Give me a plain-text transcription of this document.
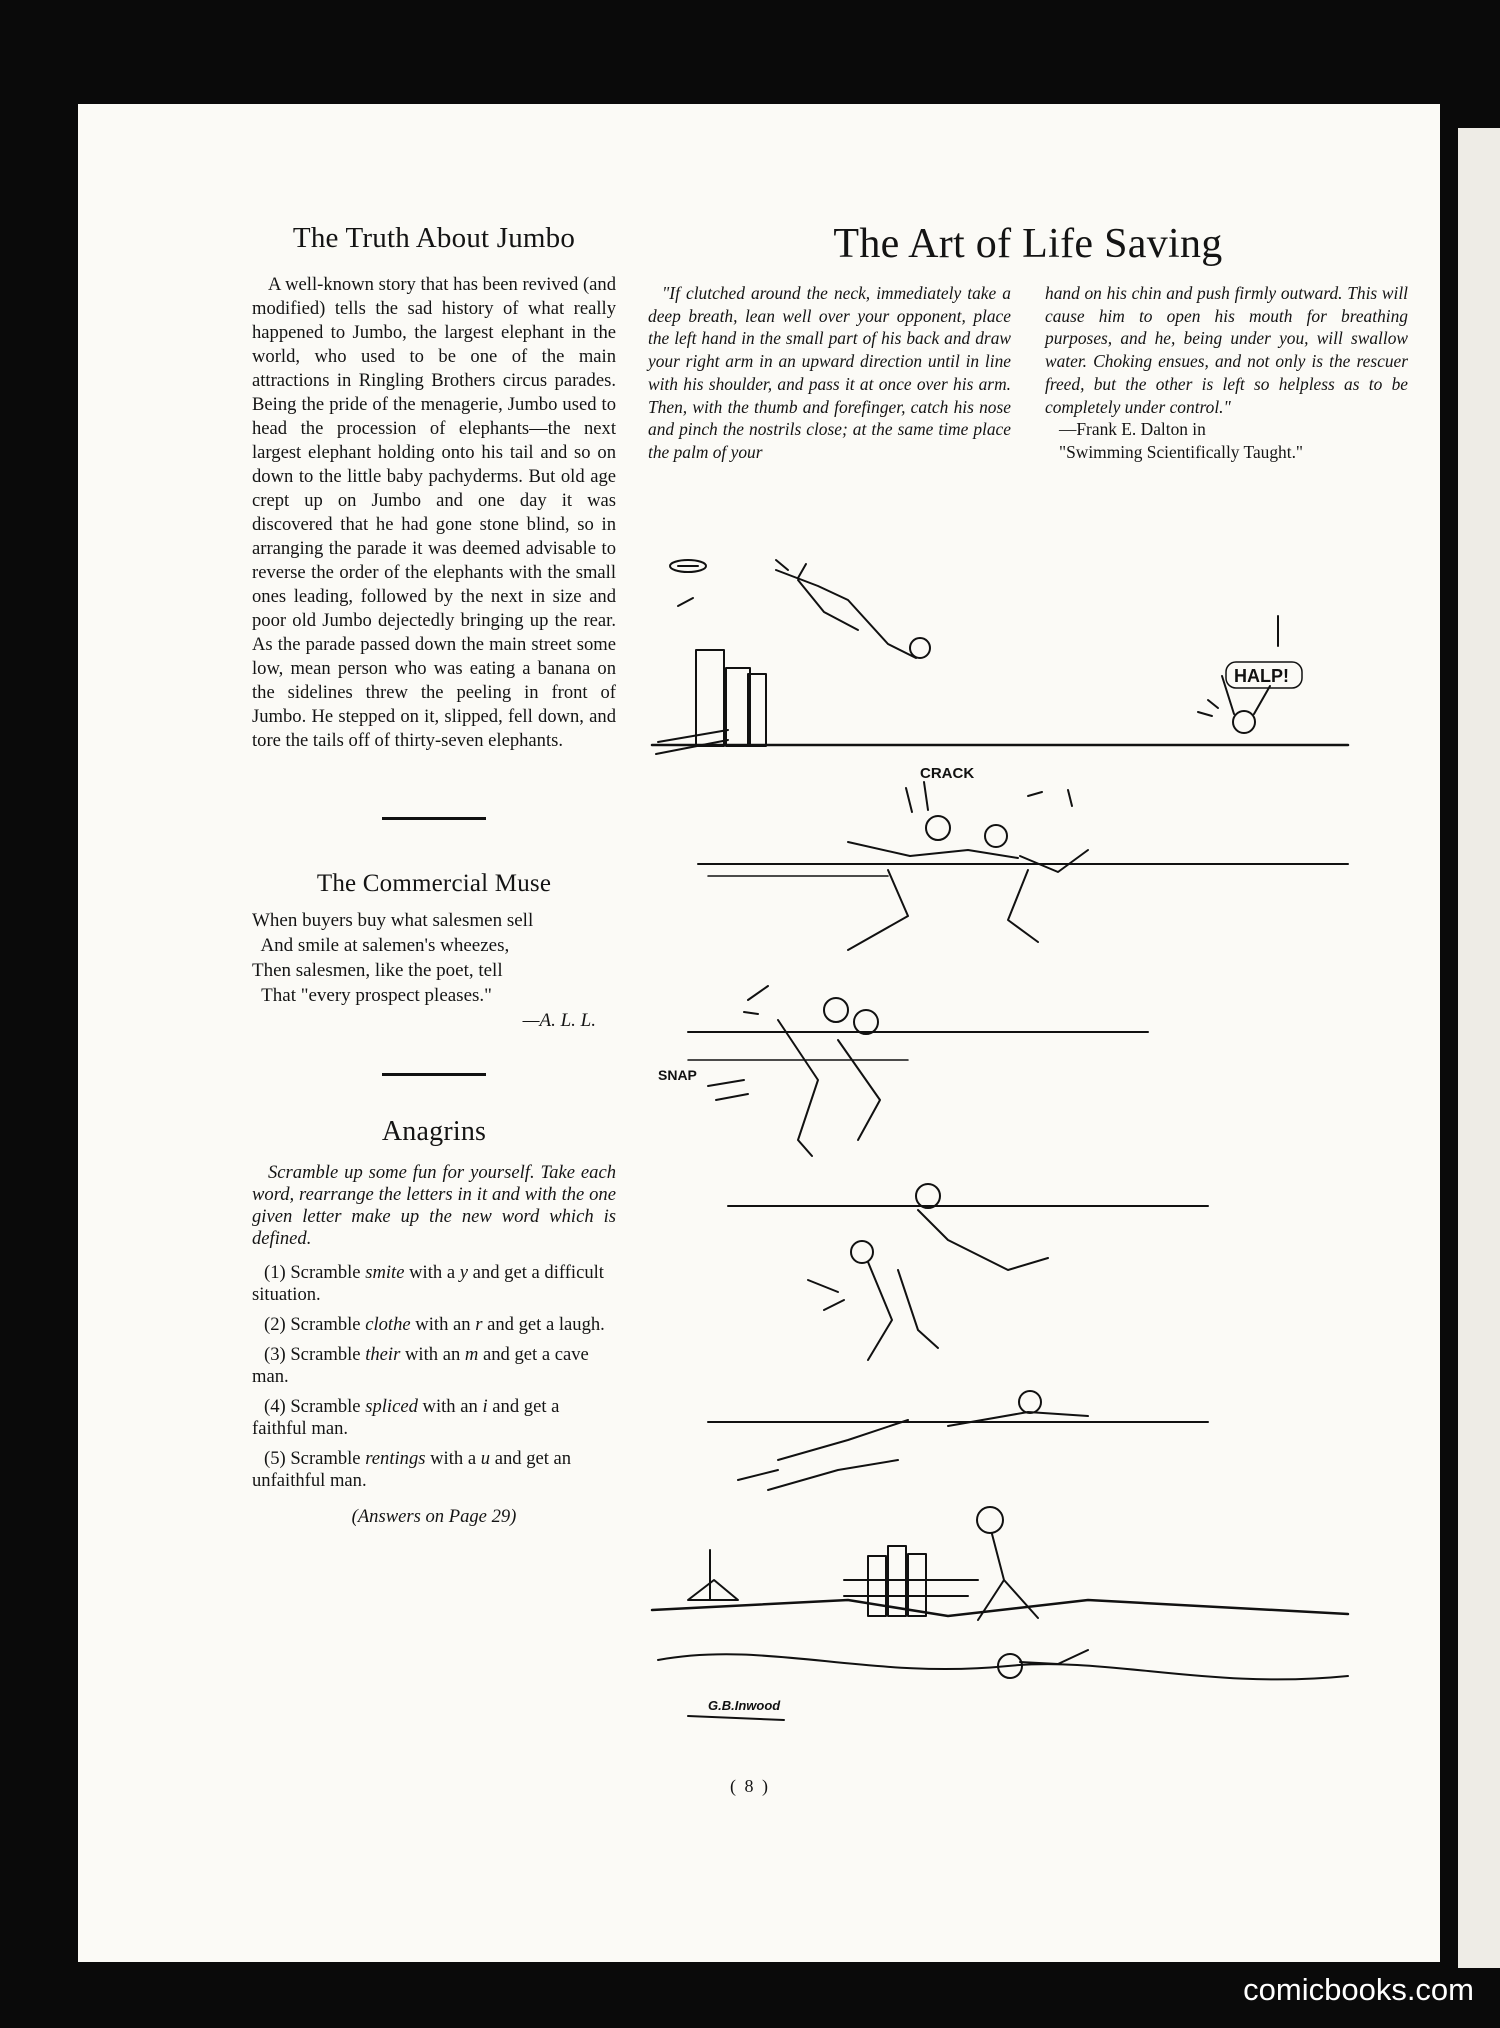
The Truth About Jumbo

A well-known story that has been revived (and modified) tells the sad history of what really happened to Jumbo, the largest elephant in the world, who used to be one of the main attractions in Ringling Brothers circus parades. Being the pride of the menagerie, Jumbo used to head the procession of elephants—the next largest elephant holding onto his tail and so on down to the little baby pachyderms. But old age crept up on Jumbo and one day it was discovered that he had gone stone blind, so in arranging the parade it was deemed advisable to reverse the order of the elephants with the small ones leading, followed by the next in size and poor old Jumbo dejectedly bringing up the rear. As the parade passed down the main street some low, mean person who was eating a banana on the sidelines threw the peeling in front of Jumbo. He stepped on it, slipped, fell down, and tore the tails off of thirty-seven elephants.

The Commercial Muse
When buyers buy what salesmen sell
And smile at salemen's wheezes,
Then salesmen, like the poet, tell
That "every prospect pleases."
—A. L. L.
Anagrins

Scramble up some fun for yourself. Take each word, rearrange the letters in it and with the one given letter make up the new word which is defined.

(1) Scramble smite with a y and get a difficult situation.

(2) Scramble clothe with an r and get a laugh.

(3) Scramble their with an m and get a cave man.

(4) Scramble spliced with an i and get a faithful man.

(5) Scramble rentings with a u and get an unfaithful man.

(Answers on Page 29)
The Art of Life Saving
"If clutched around the neck, immediately take a deep breath, lean well over your opponent, place the left hand in the small part of his back and draw your right arm in an upward direction until in line with his shoulder, and pass it at once over his arm. Then, with the thumb and forefinger, catch his nose and pinch the nostrils close; at the same time place the palm of your
hand on his chin and push firmly outward. This will cause him to open his mouth for breathing purposes, and he, being under you, will swallow water. Choking ensues, and not only is the rescuer freed, but the other is left so helpless as to be completely under control."
—Frank E. Dalton in
"Swimming Scientifically Taught."
HALP!
CRACK
SNAP
G.B.Inwood
( 8 )
comicbooks.com
